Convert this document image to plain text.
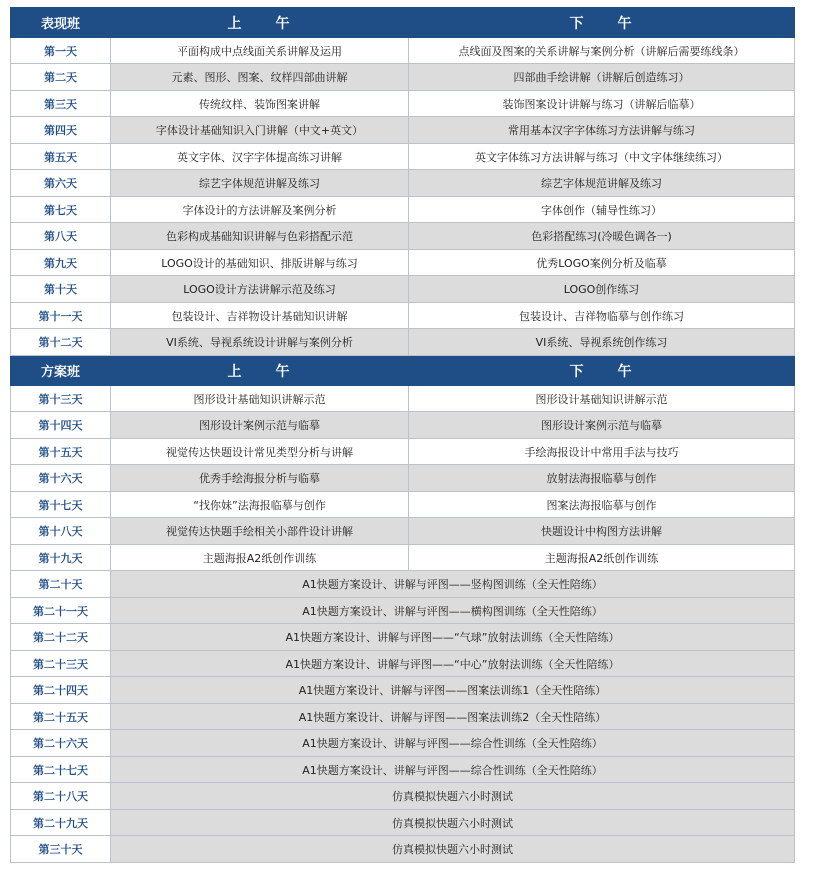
表现班	上　　午	下　　午
第一天	平面构成中点线面关系讲解及运用	点线面及图案的关系讲解与案例分析（讲解后需要练线条）
第二天	元素、图形、图案、纹样四部曲讲解	四部曲手绘讲解（讲解后创造练习）
第三天	传统纹样、装饰图案讲解	装饰图案设计讲解与练习（讲解后临摹）
第四天	字体设计基础知识入门讲解（中文+英文）	常用基本汉字字体练习方法讲解与练习
第五天	英文字体、汉字字体提高练习讲解	英文字体练习方法讲解与练习（中文字体继续练习）
第六天	综艺字体规范讲解及练习	综艺字体规范讲解及练习
第七天	字体设计的方法讲解及案例分析	字体创作（辅导性练习）
第八天	色彩构成基础知识讲解与色彩搭配示范	色彩搭配练习(冷暖色调各一)
第九天	LOGO设计的基础知识、排版讲解与练习	优秀LOGO案例分析及临摹
第十天	LOGO设计方法讲解示范及练习	LOGO创作练习
第十一天	包装设计、吉祥物设计基础知识讲解	包装设计、吉祥物临摹与创作练习
第十二天	VI系统、导视系统设计讲解与案例分析	VI系统、导视系统创作练习
方案班	上　　午	下　　午
第十三天	图形设计基础知识讲解示范	图形设计基础知识讲解示范
第十四天	图形设计案例示范与临摹	图形设计案例示范与临摹
第十五天	视觉传达快题设计常见类型分析与讲解	手绘海报设计中常用手法与技巧
第十六天	优秀手绘海报分析与临摹	放射法海报临摹与创作
第十七天	“找你妹”法海报临摹与创作	图案法海报临摹与创作
第十八天	视觉传达快题手绘相关小部件设计讲解	快题设计中构图方法讲解
第十九天	主题海报A2纸创作训练	主题海报A2纸创作训练
第二十天	A1快题方案设计、讲解与评图——竖构图训练（全天性陪练）	
第二十一天	A1快题方案设计、讲解与评图——横构图训练（全天性陪练）	
第二十二天	A1快题方案设计、讲解与评图——“气球”放射法训练（全天性陪练）	
第二十三天	A1快题方案设计、讲解与评图——“中心”放射法训练（全天性陪练）	
第二十四天	A1快题方案设计、讲解与评图——图案法训练1（全天性陪练）	
第二十五天	A1快题方案设计、讲解与评图——图案法训练2（全天性陪练）	
第二十六天	A1快题方案设计、讲解与评图——综合性训练（全天性陪练）	
第二十七天	A1快题方案设计、讲解与评图——综合性训练（全天性陪练）	
第二十八天	仿真模拟快题六小时测试	
第二十九天	仿真模拟快题六小时测试	
第三十天	仿真模拟快题六小时测试	
